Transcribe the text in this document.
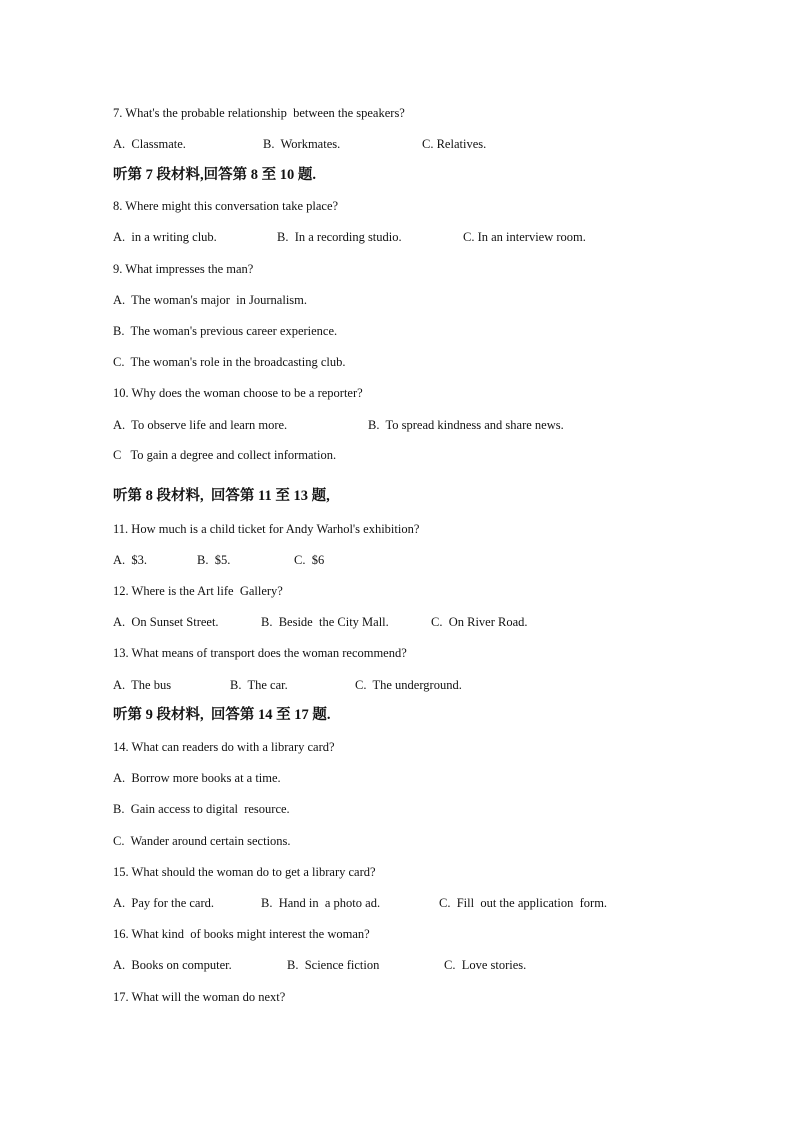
7. What's the probable relationship  between the speakers?
A.  Classmate.	B.  Workmates.	C. Relatives.
听第 7 段材料,回答第 8 至 10 题.
8. Where might this conversation take place?
A.  in a writing club.	B.  In a recording studio.	C. In an interview room.
9. What impresses the man?
A.  The woman's major  in Journalism.
B.  The woman's previous career experience.
C.  The woman's role in the broadcasting club.
10. Why does the woman choose to be a reporter?
A.  To observe life and learn more.	B.  To spread kindness and share news.
C   To gain a degree and collect information.
听第 8 段材料,  回答第 11 至 13 题,
11. How much is a child ticket for Andy Warhol's exhibition?
A.  $3.	B.  $5.	C.  $6
12. Where is the Art life  Gallery?
A.  On Sunset Street.	B.  Beside  the City Mall.	C.  On River Road.
13. What means of transport does the woman recommend?
A.  The bus	B.  The car.	C.  The underground.
听第 9 段材料,  回答第 14 至 17 题.
14. What can readers do with a library card?
A.  Borrow more books at a time.
B.  Gain access to digital  resource.
C.  Wander around certain sections.
15. What should the woman do to get a library card?
A.  Pay for the card.	B.  Hand in  a photo ad.	C.  Fill  out the application  form.
16. What kind  of books might interest the woman?
A.  Books on computer.	B.  Science fiction	C.  Love stories.
17. What will the woman do next?
